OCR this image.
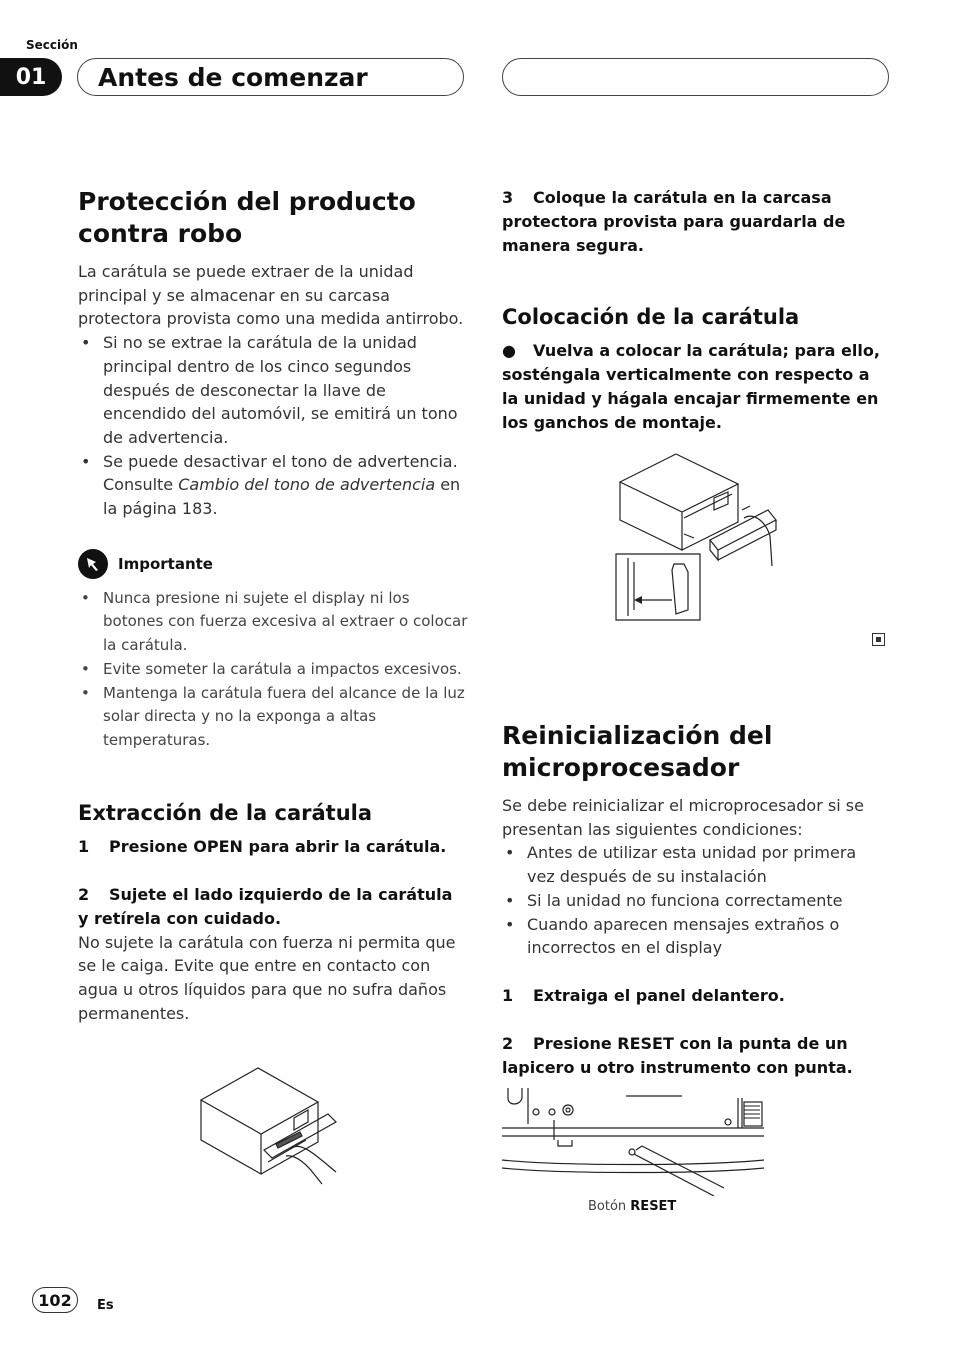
Sección
01	Antes de comenzar
Protección del producto contra robo
La carátula se puede extraer de la unidad principal y se almacenar en su carcasa protectora provista como una medida antirrobo.
• Si no se extrae la carátula de la unidad principal dentro de los cinco segundos después de desconectar la llave de encendido del automóvil, se emitirá un tono de advertencia.
• Se puede desactivar el tono de advertencia. Consulte Cambio del tono de advertencia en la página 183.
Importante
• Nunca presione ni sujete el display ni los botones con fuerza excesiva al extraer o colocar la carátula.
• Evite someter la carátula a impactos excesivos.
• Mantenga la carátula fuera del alcance de la luz solar directa y no la exponga a altas temperaturas.
Extracción de la carátula
1 Presione OPEN para abrir la carátula.
2 Sujete el lado izquierdo de la carátula y retírela con cuidado.
No sujete la carátula con fuerza ni permita que se le caiga. Evite que entre en contacto con agua u otros líquidos para que no sufra daños permanentes.
3 Coloque la carátula en la carcasa protectora provista para guardarla de manera segura.
Colocación de la carátula
● Vuelva a colocar la carátula; para ello, sosténgala verticalmente con respecto a la unidad y hágala encajar firmemente en los ganchos de montaje.
Reinicialización del microprocesador
Se debe reinicializar el microprocesador si se presentan las siguientes condiciones:
• Antes de utilizar esta unidad por primera vez después de su instalación
• Si la unidad no funciona correctamente
• Cuando aparecen mensajes extraños o incorrectos en el display
1 Extraiga el panel delantero.
2 Presione RESET con la punta de un lapicero u otro instrumento con punta.
Botón RESET
102	Es
